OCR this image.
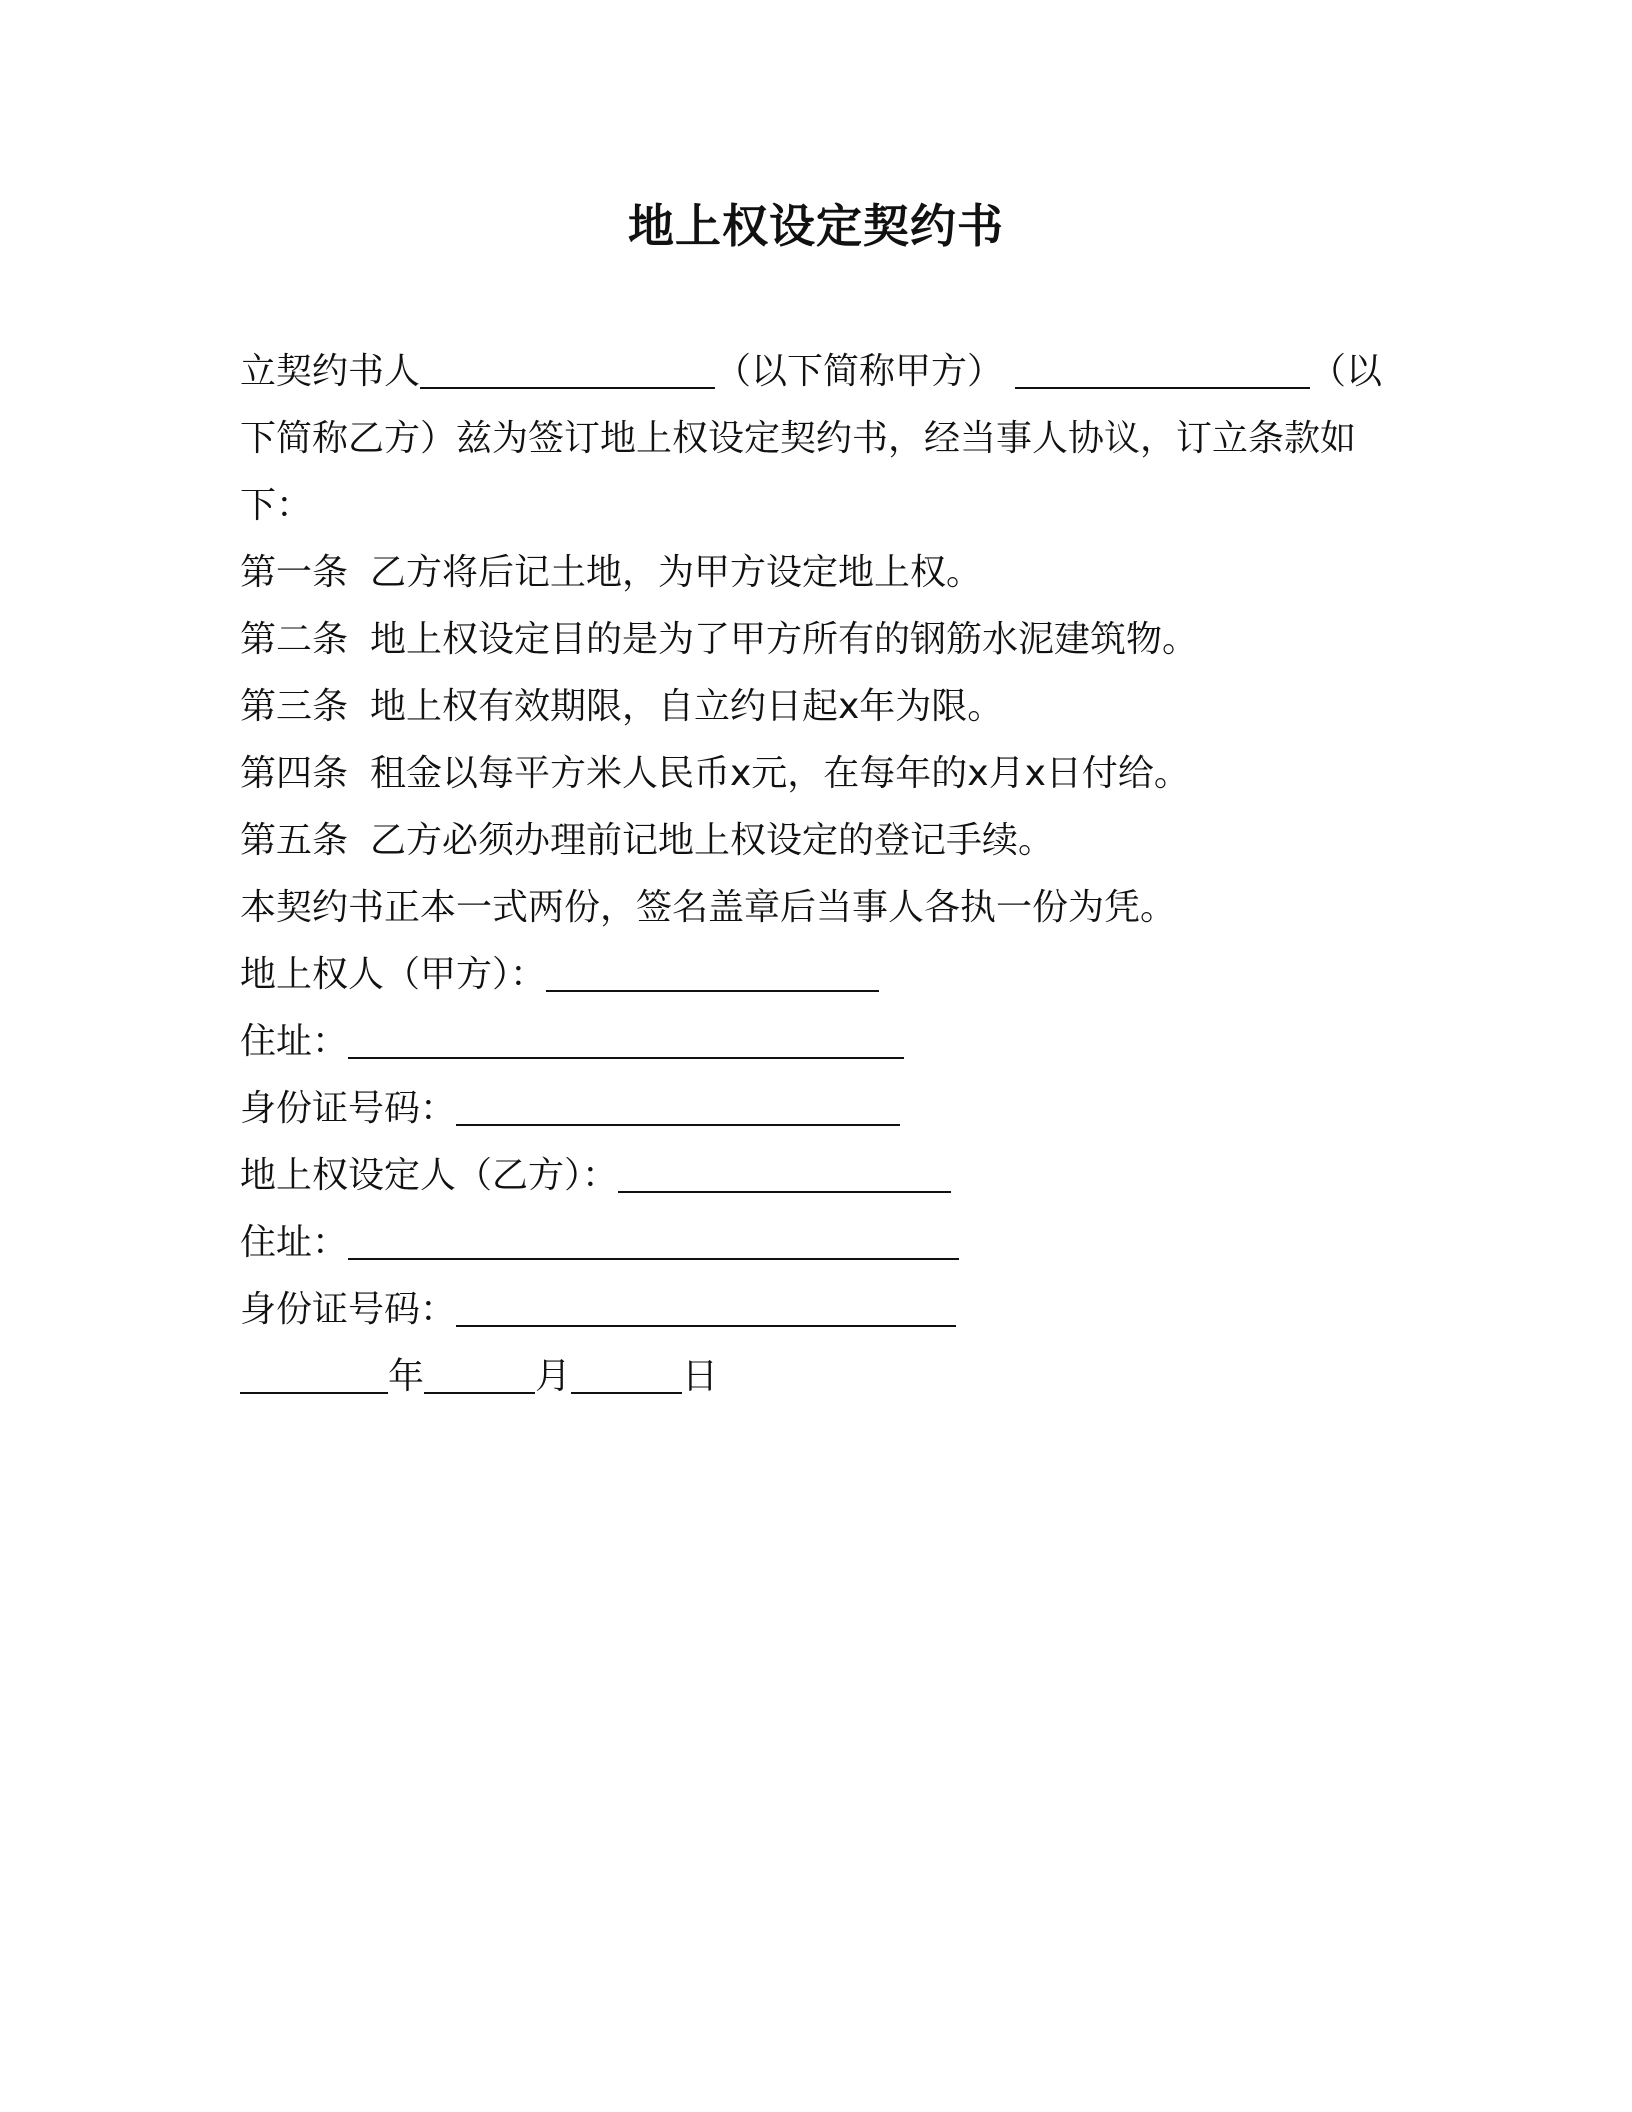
地上权设定契约书
立契约书人	（以下简称甲方）	（以
下简称乙方）兹为签订地上权设定契约书，经当事人协议，订立条款如
下：
第一条 乙方将后记土地，为甲方设定地上权。
第二条 地上权设定目的是为了甲方所有的钢筋水泥建筑物。
第三条 地上权有效期限，自立约日起x年为限。
第四条 租金以每平方米人民币x元，在每年的x月x日付给。
第五条 乙方必须办理前记地上权设定的登记手续。
本契约书正本一式两份，签名盖章后当事人各执一份为凭。
地上权人（甲方）：
住址：
身份证号码：
地上权设定人（乙方）：
住址：
身份证号码：
年	月	日
